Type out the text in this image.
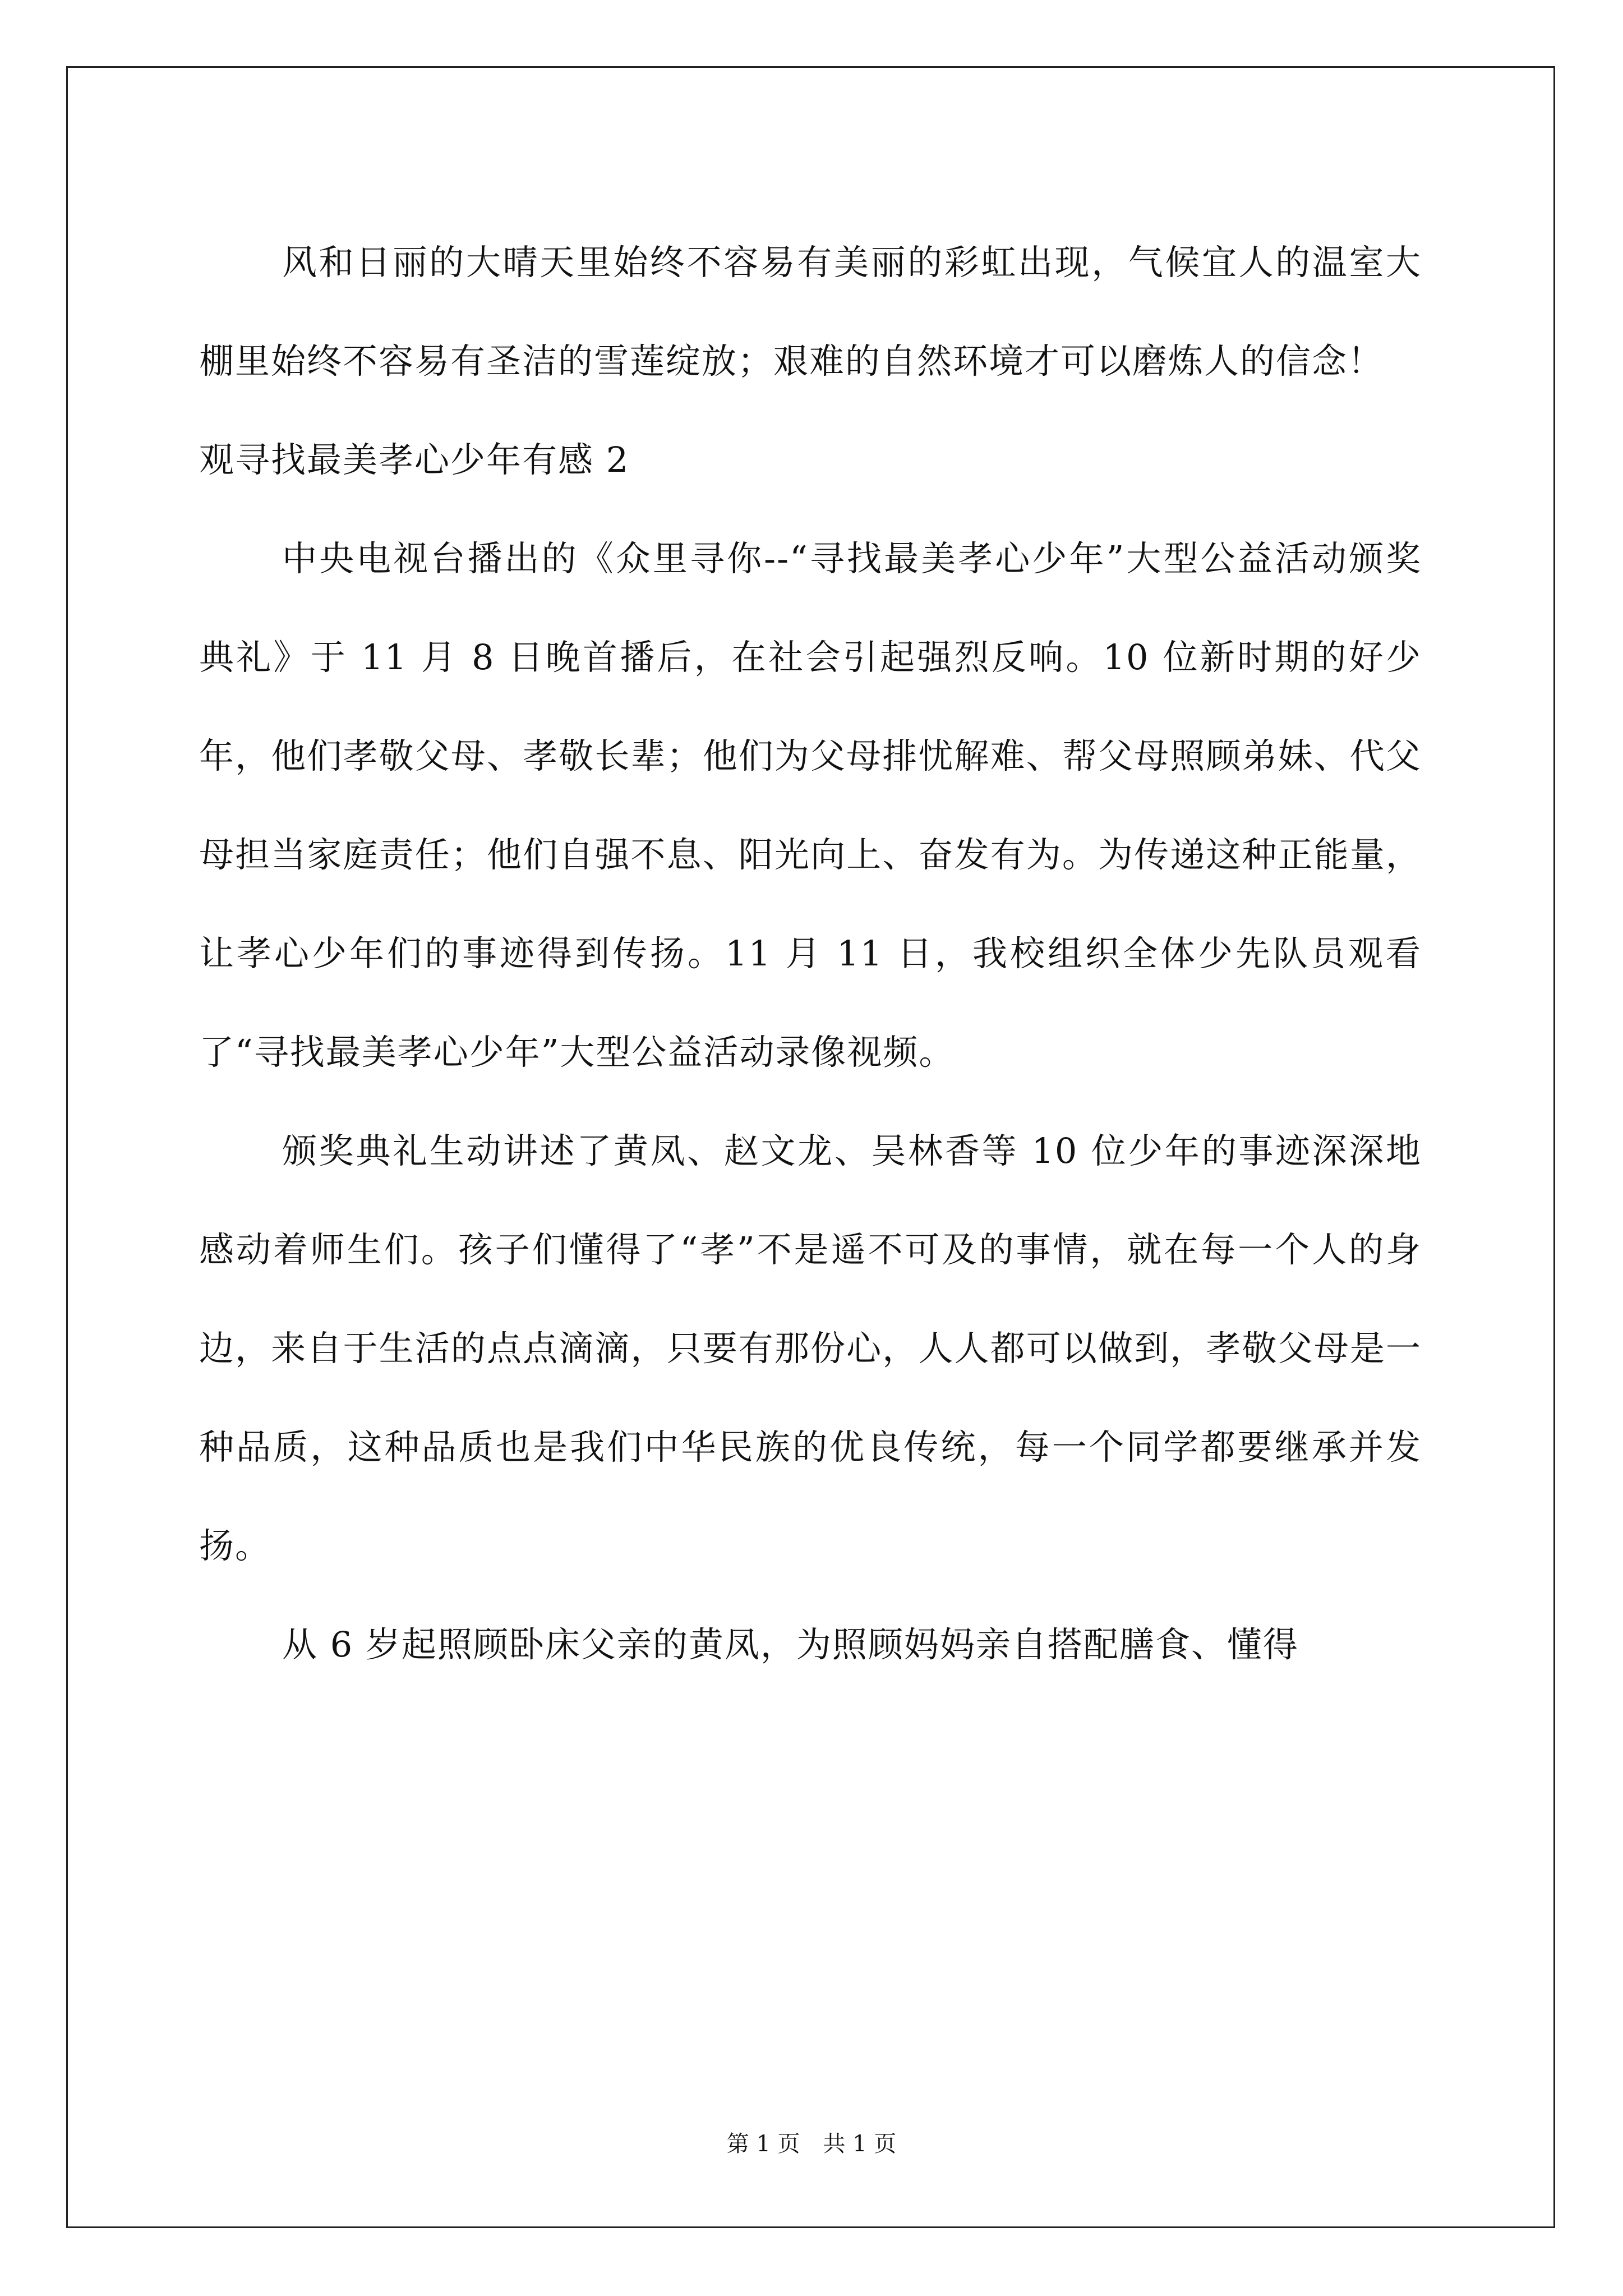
风和日丽的大晴天里始终不容易有美丽的彩虹出现，气候宜人的温室大棚里始终不容易有圣洁的雪莲绽放；艰难的自然环境才可以磨炼人的信念！

观寻找最美孝心少年有感 2

中央电视台播出的《众里寻你--“寻找最美孝心少年”大型公益活动颁奖典礼》于 11 月 8 日晚首播后，在社会引起强烈反响。10 位新时期的好少年，他们孝敬父母、孝敬长辈；他们为父母排忧解难、帮父母照顾弟妹、代父母担当家庭责任；他们自强不息、阳光向上、奋发有为。为传递这种正能量，让孝心少年们的事迹得到传扬。11 月 11 日，我校组织全体少先队员观看了“寻找最美孝心少年”大型公益活动录像视频。

颁奖典礼生动讲述了黄凤、赵文龙、吴林香等 10 位少年的事迹深深地感动着师生们。孩子们懂得了“孝”不是遥不可及的事情，就在每一个人的身边，来自于生活的点点滴滴，只要有那份心，人人都可以做到，孝敬父母是一种品质，这种品质也是我们中华民族的优良传统，每一个同学都要继承并发扬。

从 6 岁起照顾卧床父亲的黄凤，为照顾妈妈亲自搭配膳食、懂得

第 1 页 共 1 页
